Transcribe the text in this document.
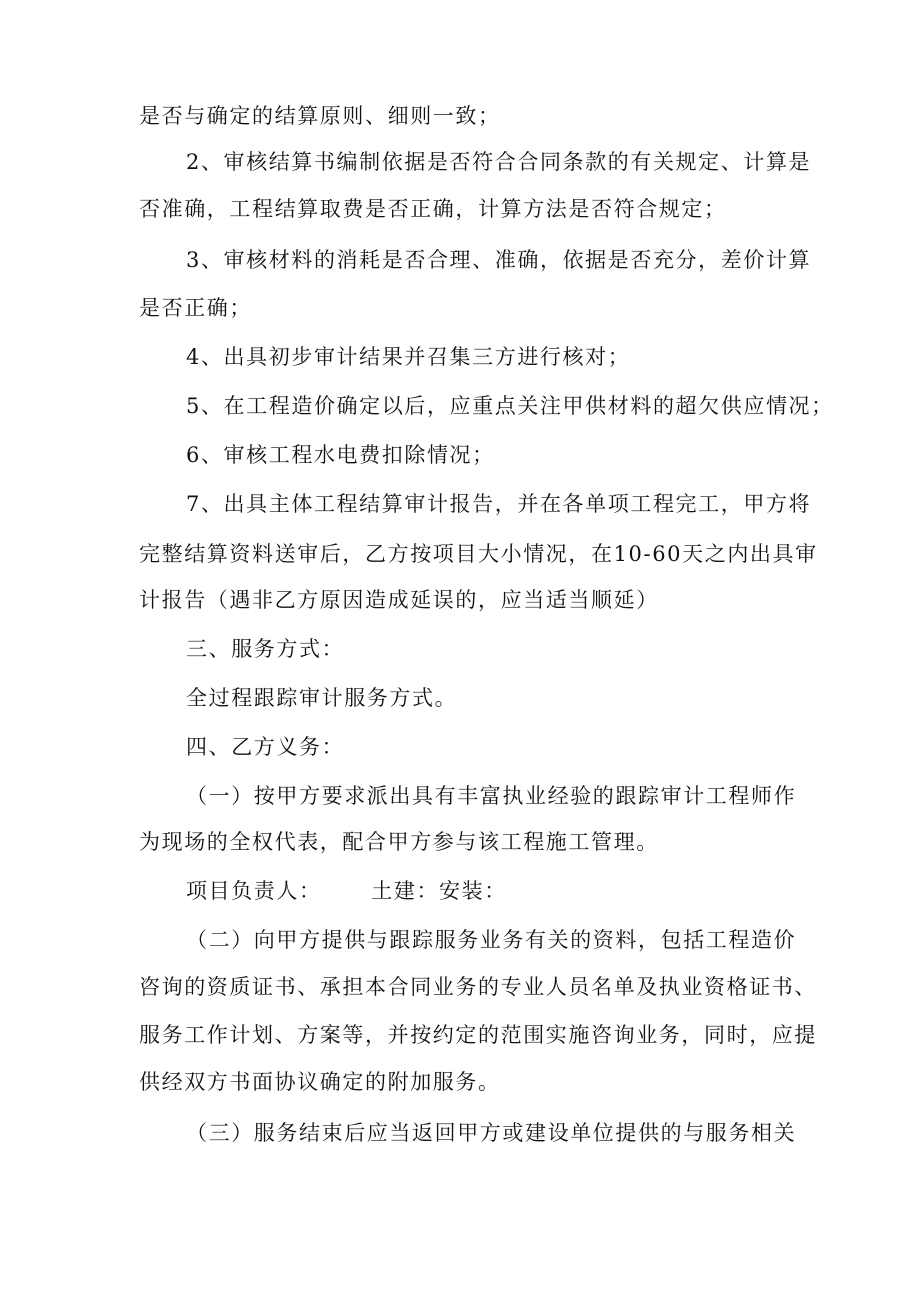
是否与确定的结算原则、细则一致；
2、审核结算书编制依据是否符合合同条款的有关规定、计算是
否准确，工程结算取费是否正确，计算方法是否符合规定；
3、审核材料的消耗是否合理、准确，依据是否充分，差价计算
是否正确；
4、出具初步审计结果并召集三方进行核对；
5、在工程造价确定以后，应重点关注甲供材料的超欠供应情况；
6、审核工程水电费扣除情况；
7、出具主体工程结算审计报告，并在各单项工程完工，甲方将
完整结算资料送审后，乙方按项目大小情况，在10-60天之内出具审
计报告（遇非乙方原因造成延误的，应当适当顺延）
三、服务方式：
全过程跟踪审计服务方式。
四、乙方义务：
（一）按甲方要求派出具有丰富执业经验的跟踪审计工程师作
为现场的全权代表，配合甲方参与该工程施工管理。
项目负责人：      土建：安装：
（二）向甲方提供与跟踪服务业务有关的资料，包括工程造价
咨询的资质证书、承担本合同业务的专业人员名单及执业资格证书、
服务工作计划、方案等，并按约定的范围实施咨询业务，同时，应提
供经双方书面协议确定的附加服务。
（三）服务结束后应当返回甲方或建设单位提供的与服务相关
